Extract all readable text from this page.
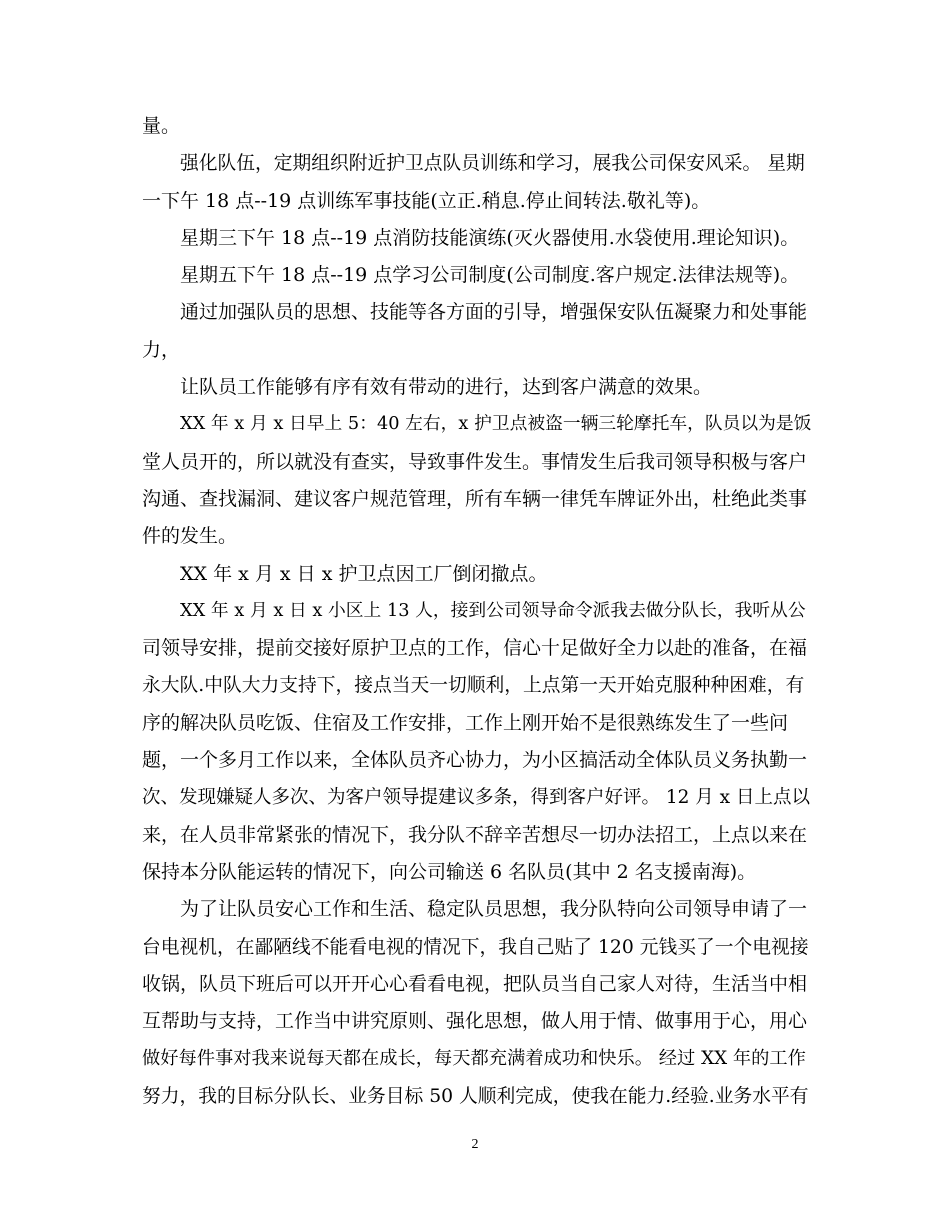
量。
强化队伍，定期组织附近护卫点队员训练和学习，展我公司保安风采。 星期
一下午 18 点--19 点训练军事技能(立正.稍息.停止间转法.敬礼等)。
星期三下午 18 点--19 点消防技能演练(灭火器使用.水袋使用.理论知识)。
星期五下午 18 点--19 点学习公司制度(公司制度.客户规定.法律法规等)。
通过加强队员的思想、技能等各方面的引导，增强保安队伍凝聚力和处事能
力，
让队员工作能够有序有效有带动的进行，达到客户满意的效果。
XX 年 x 月 x 日早上 5：40 左右，x 护卫点被盗一辆三轮摩托车，队员以为是饭
堂人员开的，所以就没有查实，导致事件发生。事情发生后我司领导积极与客户
沟通、查找漏洞、建议客户规范管理，所有车辆一律凭车牌证外出，杜绝此类事
件的发生。
XX 年 x 月 x 日 x 护卫点因工厂倒闭撤点。
XX 年 x 月 x 日 x 小区上 13 人，接到公司领导命令派我去做分队长，我听从公
司领导安排，提前交接好原护卫点的工作，信心十足做好全力以赴的准备，在福
永大队.中队大力支持下，接点当天一切顺利，上点第一天开始克服种种困难，有
序的解决队员吃饭、住宿及工作安排，工作上刚开始不是很熟练发生了一些问
题，一个多月工作以来，全体队员齐心协力，为小区搞活动全体队员义务执勤一
次、发现嫌疑人多次、为客户领导提建议多条，得到客户好评。 12 月 x 日上点以
来，在人员非常紧张的情况下，我分队不辞辛苦想尽一切办法招工，上点以来在
保持本分队能运转的情况下，向公司输送 6 名队员(其中 2 名支援南海)。
为了让队员安心工作和生活、稳定队员思想，我分队特向公司领导申请了一
台电视机，在鄙陋线不能看电视的情况下，我自己贴了 120 元钱买了一个电视接
收锅，队员下班后可以开开心心看看电视，把队员当自己家人对待，生活当中相
互帮助与支持，工作当中讲究原则、强化思想，做人用于情、做事用于心，用心
做好每件事对我来说每天都在成长，每天都充满着成功和快乐。 经过 XX 年的工作
努力，我的目标分队长、业务目标 50 人顺利完成，使我在能力.经验.业务水平有
2
